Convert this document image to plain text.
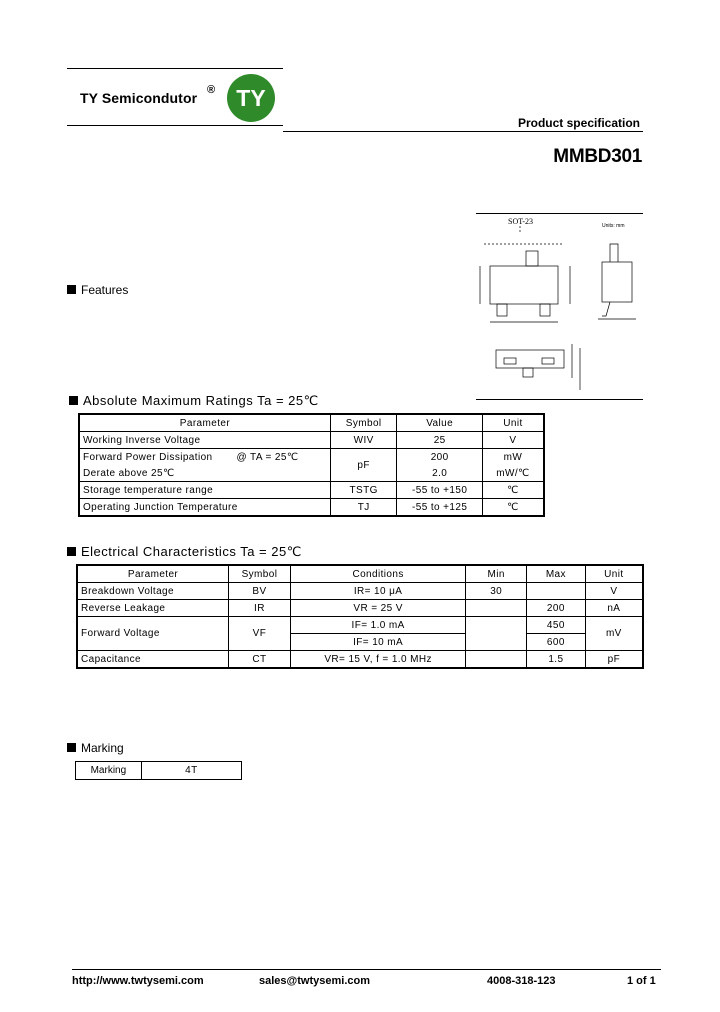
TY Semicondutor ® TY
Product specification
MMBD301
SOT-23	Units: mm
Features
Absolute Maximum Ratings Ta = 25℃
Parameter	Symbol	Value	Unit
Working Inverse Voltage	WIV	25	V
Forward Power Dissipation @ TA = 25℃	pF	200	mW
Derate above 25℃		2.0	mW/℃
Storage temperature range	TSTG	-55 to +150	℃
Operating Junction Temperature	TJ	-55 to +125	℃
Electrical Characteristics Ta = 25℃
Parameter	Symbol	Conditions	Min	Max	Unit
Breakdown Voltage	BV	IR= 10 μA	30		V
Reverse Leakage	IR	VR = 25 V		200	nA
Forward Voltage	VF	IF= 1.0 mA		450	mV
		IF= 10 mA		600	
Capacitance	CT	VR= 15 V, f = 1.0 MHz		1.5	pF
Marking
Marking	4T
http://www.twtysemi.com	sales@twtysemi.com	4008-318-123	1 of 1
